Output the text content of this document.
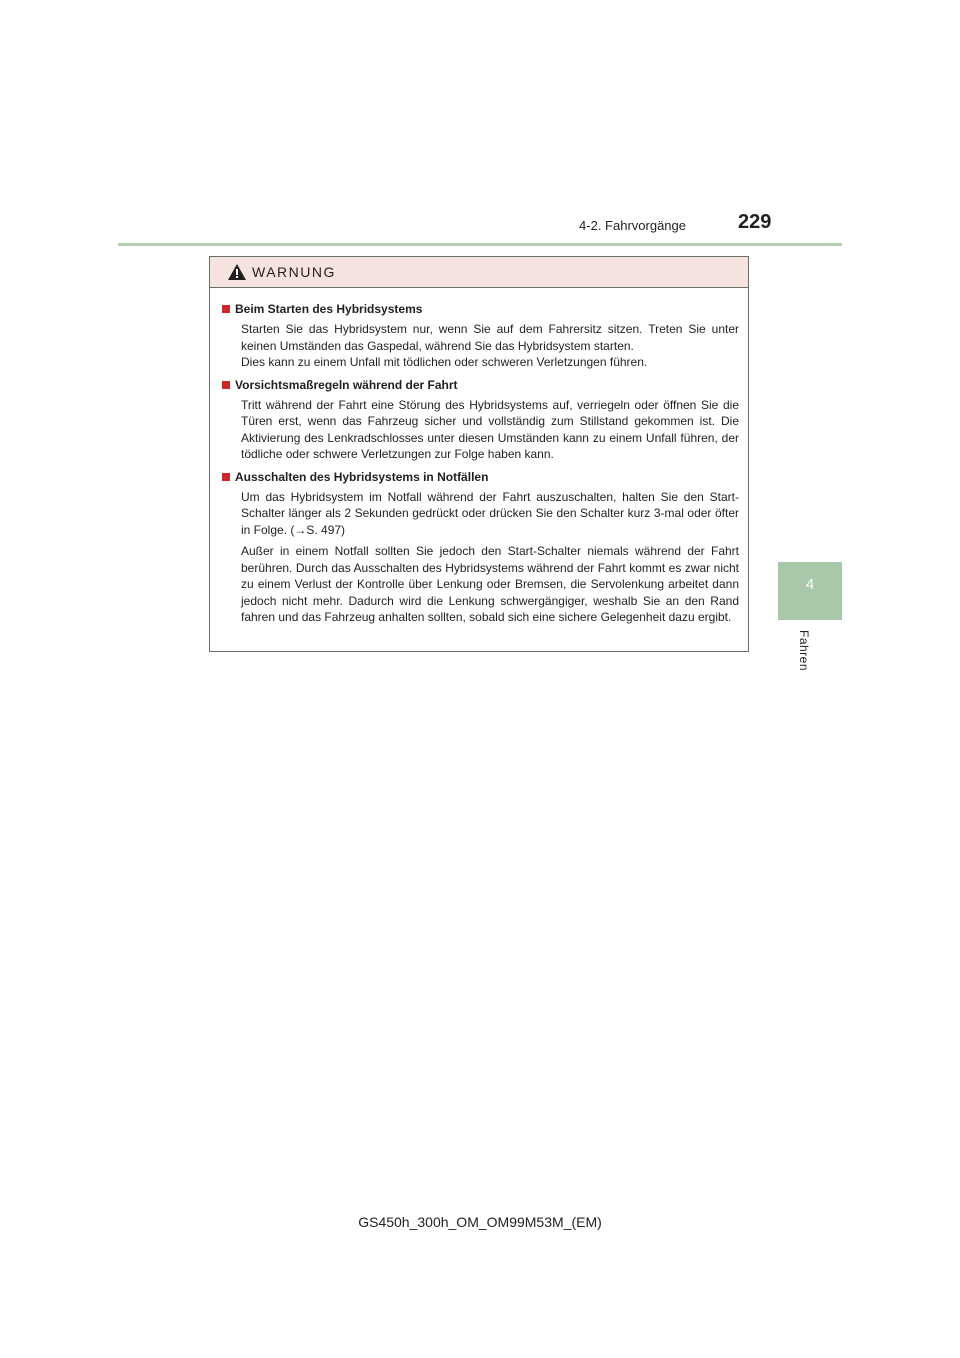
4-2. Fahrvorgänge	229
4
Fahren
WARNUNG
Beim Starten des Hybridsystems

Starten Sie das Hybridsystem nur, wenn Sie auf dem Fahrersitz sitzen. Treten Sie unter keinen Umständen das Gaspedal, während Sie das Hybridsystem starten.
Dies kann zu einem Unfall mit tödlichen oder schweren Verletzungen führen.

Vorsichtsmaßregeln während der Fahrt

Tritt während der Fahrt eine Störung des Hybridsystems auf, verriegeln oder öffnen Sie die Türen erst, wenn das Fahrzeug sicher und vollständig zum Stillstand gekommen ist. Die Aktivierung des Lenkradschlosses unter diesen Umständen kann zu einem Unfall führen, der tödliche oder schwere Verletzungen zur Folge haben kann.

Ausschalten des Hybridsystems in Notfällen

Um das Hybridsystem im Notfall während der Fahrt auszuschalten, halten Sie den Start-Schalter länger als 2 Sekunden gedrückt oder drücken Sie den Schalter kurz 3-mal oder öfter in Folge. (→S. 497)

Außer in einem Notfall sollten Sie jedoch den Start-Schalter niemals während der Fahrt berühren. Durch das Ausschalten des Hybridsystems während der Fahrt kommt es zwar nicht zu einem Verlust der Kontrolle über Lenkung oder Bremsen, die Servolenkung arbeitet dann jedoch nicht mehr. Dadurch wird die Lenkung schwergängiger, weshalb Sie an den Rand fahren und das Fahrzeug anhalten sollten, sobald sich eine sichere Gelegenheit dazu ergibt.

GS450h_300h_OM_OM99M53M_(EM)
